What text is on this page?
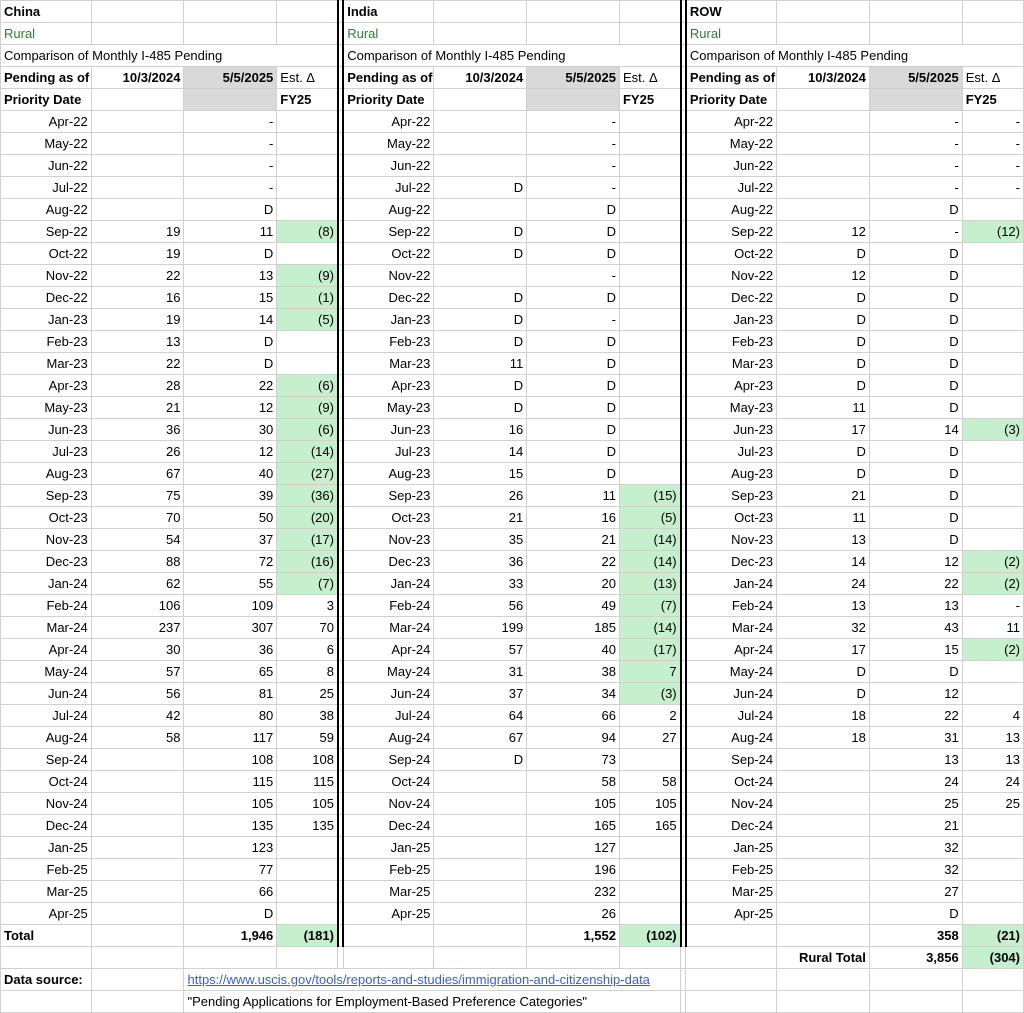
China					India					ROW			
Rural					Rural					Rural			
Comparison of Monthly I-485 Pending					Comparison of Monthly I-485 Pending					Comparison of Monthly I-485 Pending			
Pending as of	10/3/2024	5/5/2025	Est. Δ		Pending as of	10/3/2024	5/5/2025	Est. Δ		Pending as of	10/3/2024	5/5/2025	Est. Δ
Priority Date			FY25		Priority Date			FY25		Priority Date			FY25
Apr-22		-			Apr-22		-			Apr-22		-	-
May-22		-			May-22		-			May-22		-	-
Jun-22		-			Jun-22		-			Jun-22		-	-
Jul-22		-			Jul-22	D	-			Jul-22		-	-
Aug-22		D			Aug-22		D			Aug-22		D	
Sep-22	19	11	(8)		Sep-22	D	D			Sep-22	12	-	(12)
Oct-22	19	D			Oct-22	D	D			Oct-22	D	D	
Nov-22	22	13	(9)		Nov-22		-			Nov-22	12	D	
Dec-22	16	15	(1)		Dec-22	D	D			Dec-22	D	D	
Jan-23	19	14	(5)		Jan-23	D	-			Jan-23	D	D	
Feb-23	13	D			Feb-23	D	D			Feb-23	D	D	
Mar-23	22	D			Mar-23	11	D			Mar-23	D	D	
Apr-23	28	22	(6)		Apr-23	D	D			Apr-23	D	D	
May-23	21	12	(9)		May-23	D	D			May-23	11	D	
Jun-23	36	30	(6)		Jun-23	16	D			Jun-23	17	14	(3)
Jul-23	26	12	(14)		Jul-23	14	D			Jul-23	D	D	
Aug-23	67	40	(27)		Aug-23	15	D			Aug-23	D	D	
Sep-23	75	39	(36)		Sep-23	26	11	(15)		Sep-23	21	D	
Oct-23	70	50	(20)		Oct-23	21	16	(5)		Oct-23	11	D	
Nov-23	54	37	(17)		Nov-23	35	21	(14)		Nov-23	13	D	
Dec-23	88	72	(16)		Dec-23	36	22	(14)		Dec-23	14	12	(2)
Jan-24	62	55	(7)		Jan-24	33	20	(13)		Jan-24	24	22	(2)
Feb-24	106	109	3		Feb-24	56	49	(7)		Feb-24	13	13	-
Mar-24	237	307	70		Mar-24	199	185	(14)		Mar-24	32	43	11
Apr-24	30	36	6		Apr-24	57	40	(17)		Apr-24	17	15	(2)
May-24	57	65	8		May-24	31	38	7		May-24	D	D	
Jun-24	56	81	25		Jun-24	37	34	(3)		Jun-24	D	12	
Jul-24	42	80	38		Jul-24	64	66	2		Jul-24	18	22	4
Aug-24	58	117	59		Aug-24	67	94	27		Aug-24	18	31	13
Sep-24		108	108		Sep-24	D	73			Sep-24		13	13
Oct-24		115	115		Oct-24		58	58		Oct-24		24	24
Nov-24		105	105		Nov-24		105	105		Nov-24		25	25
Dec-24		135	135		Dec-24		165	165		Dec-24		21	
Jan-25		123			Jan-25		127			Jan-25		32	
Feb-25		77			Feb-25		196			Feb-25		32	
Mar-25		66			Mar-25		232			Mar-25		27	
Apr-25		D			Apr-25		26			Apr-25		D	
Total		1,946	(181)				1,552	(102)				358	(21)
											Rural Total	3,856	(304)
Data source:		https://www.uscis.gov/tools/reports-and-studies/immigration-and-citizenship-data											
		"Pending Applications for Employment-Based Preference Categories"											
